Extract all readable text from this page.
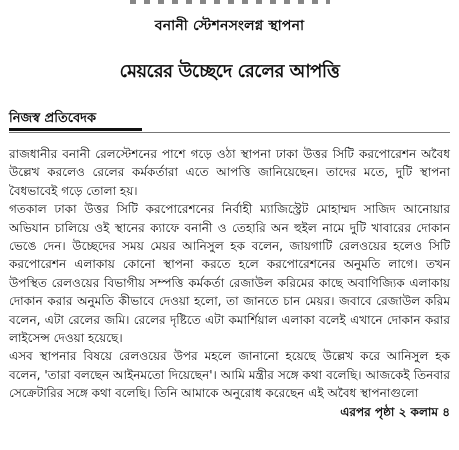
বনানী স্টেশনসংলগ্ন স্থাপনা
মেয়রের উচ্ছেদে রেলের আপত্তি
নিজস্ব প্রতিবেদক

রাজধানীর বনানী রেলস্টেশনের পাশে গড়ে ওঠা স্থাপনা ঢাকা উত্তর সিটি করপোরেশন অবৈধ উল্লেখ করলেও রেলের কর্মকর্তারা এতে আপত্তি জানিয়েছেন। তাদের মতে, দুটি স্থাপনা বৈধভাবেই গড়ে তোলা হয়।

গতকাল ঢাকা উত্তর সিটি করপোরেশনের নির্বাহী ম্যাজিস্ট্রেট মোহাম্মদ সাজিদ আনোয়ার অভিযান চালিয়ে ওই স্থানের ক্যাফে বনানী ও তেহারি অন হুইল নামে দুটি খাবারের দোকান ভেঙে দেন। উচ্ছেদের সময় মেয়র আনিসুল হক বলেন, জায়গাটি রেলওয়ের হলেও সিটি করপোরেশন এলাকায় কোনো স্থাপনা করতে হলে করপোরেশনের অনুমতি লাগে। তখন উপস্থিত রেলওয়ের বিভাগীয় সম্পত্তি কর্মকর্তা রেজাউল করিমের কাছে অবাণিজ্যিক এলাকায় দোকান করার অনুমতি কীভাবে দেওয়া হলো, তা জানতে চান মেয়র। জবাবে রেজাউল করিম বলেন, এটা রেলের জমি। রেলের দৃষ্টিতে এটা কমার্শিয়াল এলাকা বলেই এখানে দোকান করার লাইসেন্স দেওয়া হয়েছে।

এসব স্থাপনার বিষয়ে রেলওয়ের উপর মহলে জানানো হয়েছে উল্লেখ করে আনিসুল হক বলেন, 'তারা বলছেন আইনমতো দিয়েছেন'। আমি মন্ত্রীর সঙ্গে কথা বলেছি। আজকেই তিনবার সেক্রেটারির সঙ্গে কথা বলেছি। তিনি আমাকে অনুরোধ করেছেন এই অবৈধ স্থাপনাগুলো
এরপর পৃষ্ঠা ২ কলাম ৪
